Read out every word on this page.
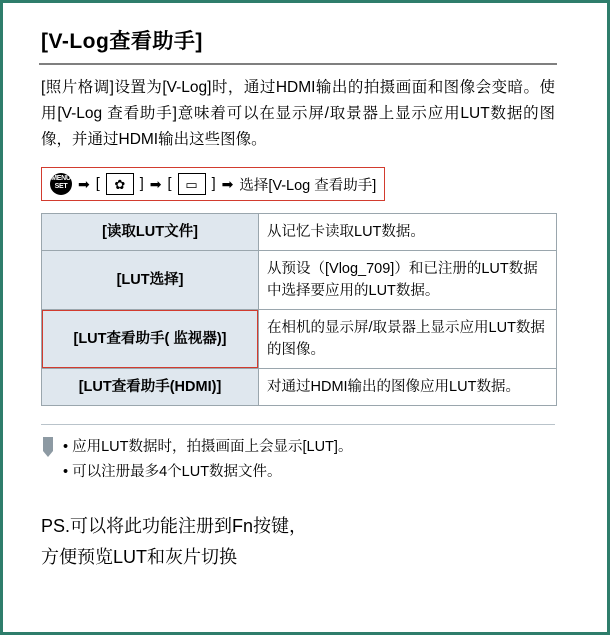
[V-Log查看助手]

[照片格调]设置为[V-Log]时，通过HDMI输出的拍摄画面和图像会变暗。使用[V-Log 查看助手]意味着可以在显示屏/取景器上显示应用LUT数据的图像，并通过HDMI输出这些图像。

MENU
SET ➡ [	✿	] ➡ [	▭ ] ➡ 选择[V-Log 查看助手]
[读取LUT文件]	从记忆卡读取LUT数据。
[LUT选择]	从预设（[Vlog_709]）和已注册的LUT数据中选择要应用的LUT数据。
[LUT查看助手( 监视器)]	在相机的显示屏/取景器上显示应用LUT数据的图像。
[LUT查看助手(HDMI)]	对通过HDMI输出的图像应用LUT数据。
• 应用LUT数据时，拍摄画面上会显示[LUT]。
• 可以注册最多4个LUT数据文件。
PS.可以将此功能注册到Fn按键，
方便预览LUT和灰片切换
